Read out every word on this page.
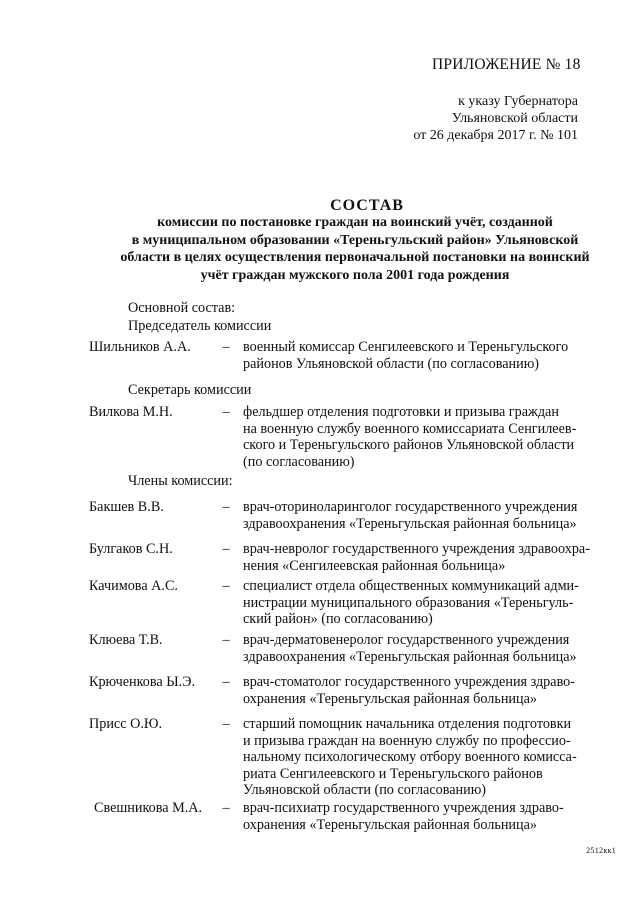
ПРИЛОЖЕНИЕ № 18
к указу Губернатора
Ульяновской области
от 26 декабря 2017 г. № 101
СОСТАВ
комиссии по постановке граждан на воинский учёт, созданной
в муниципальном образовании «Тереньгульский район» Ульяновской
области в целях осуществления первоначальной постановки на воинский
учёт граждан мужского пола 2001 года рождения
Основной состав:
Председатель комиссии
Шильников А.А. – военный комиссар Сенгилеевского и Тереньгульского
районов Ульяновской области (по согласованию)
Секретарь комиссии
Вилкова М.Н.	– фельдшер отделения подготовки и призыва граждан
на военную службу военного комиссариата Сенгилеев-
ского и Тереньгульского районов Ульяновской области
(по согласованию)
Члены комиссии:
Бакшев В.В.	– врач-оториноларинголог государственного учреждения
здравоохранения «Тереньгульская районная больница»
Булгаков С.Н.	– врач-невролог государственного учреждения здравоохра-
нения «Сенгилеевская районная больница»
Качимова А.С.	– специалист отдела общественных коммуникаций адми-
нистрации муниципального образования «Тереньгуль-
ский район» (по согласованию)
Клюева Т.В.	– врач-дерматовенеролог государственного учреждения
здравоохранения «Тереньгульская районная больница»
Крюченкова Ы.Э. – врач-стоматолог государственного учреждения здраво-
охранения «Тереньгульская районная больница»
Присс О.Ю.	– старший помощник начальника отделения подготовки
и призыва граждан на военную службу по профессио-
нальному психологическому отбору военного комисса-
риата Сенгилеевского и Тереньгульского районов
Ульяновской области (по согласованию)
Свешникова М.А. – врач-психиатр государственного учреждения здраво-
охранения «Тереньгульская районная больница»
2512кк1
